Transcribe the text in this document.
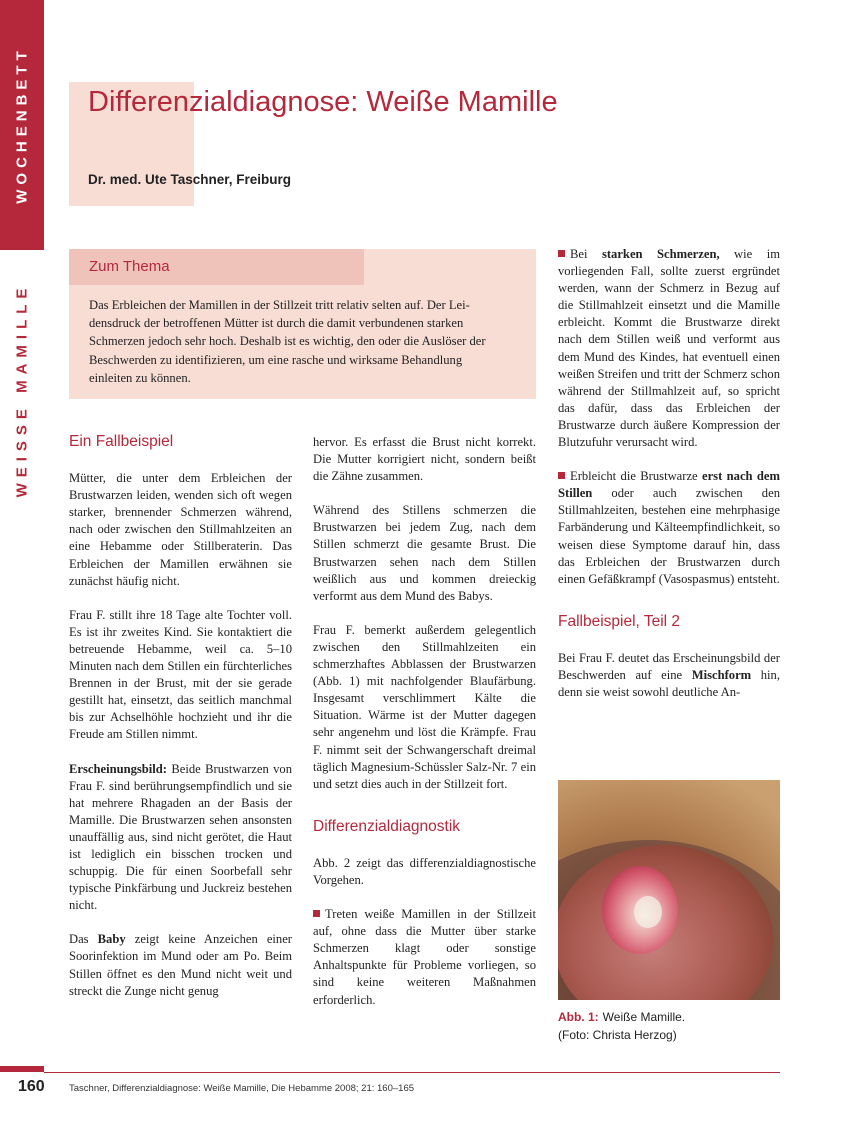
WOCHENBETT
WEISSE MAMILLE
Differenzialdiagnose: Weiße Mamille
Dr. med. Ute Taschner, Freiburg
Zum Thema
Das Erbleichen der Mamillen in der Stillzeit tritt relativ selten auf. Der Lei-
densdruck der betroffenen Mütter ist durch die damit verbundenen starken
Schmerzen jedoch sehr hoch. Deshalb ist es wichtig, den oder die Auslöser der
Beschwerden zu identifizieren, um eine rasche und wirksame Behandlung
einleiten zu können.
Ein Fallbeispiel

Mütter, die unter dem Erbleichen der Brustwarzen leiden, wenden sich oft wegen starker, brennender Schmerzen während, nach oder zwischen den Stillmahlzeiten an eine Hebamme oder Stillberaterin. Das Erbleichen der Mamillen erwähnen sie zunächst häufig nicht.

Frau F. stillt ihre 18 Tage alte Tochter voll. Es ist ihr zweites Kind. Sie kontaktiert die betreuende Hebamme, weil ca. 5–10 Minuten nach dem Stillen ein fürchterliches Brennen in der Brust, mit der sie gerade gestillt hat, einsetzt, das seitlich manchmal bis zur Achselhöhle hochzieht und ihr die Freude am Stillen nimmt.

Erscheinungsbild: Beide Brustwarzen von Frau F. sind berührungsempfindlich und sie hat mehrere Rhagaden an der Basis der Mamille. Die Brustwarzen sehen ansonsten unauffällig aus, sind nicht gerötet, die Haut ist lediglich ein bisschen trocken und schuppig. Die für einen Soorbefall sehr typische Pinkfärbung und Juckreiz bestehen nicht.

Das Baby zeigt keine Anzeichen einer Soorinfektion im Mund oder am Po. Beim Stillen öffnet es den Mund nicht weit und streckt die Zunge nicht genug

hervor. Es erfasst die Brust nicht korrekt. Die Mutter korrigiert nicht, sondern beißt die Zähne zusammen.

Während des Stillens schmerzen die Brustwarzen bei jedem Zug, nach dem Stillen schmerzt die gesamte Brust. Die Brustwarzen sehen nach dem Stillen weißlich aus und kommen dreieckig verformt aus dem Mund des Babys.

Frau F. bemerkt außerdem gelegentlich zwischen den Stillmahlzeiten ein schmerzhaftes Abblassen der Brustwarzen (Abb. 1) mit nachfolgender Blaufärbung. Insgesamt verschlimmert Kälte die Situation. Wärme ist der Mutter dagegen sehr angenehm und löst die Krämpfe. Frau F. nimmt seit der Schwangerschaft dreimal täglich Magnesium-Schüssler Salz-Nr. 7 ein und setzt dies auch in der Stillzeit fort.

Differenzialdiagnostik

Abb. 2 zeigt das differenzialdiagnostische Vorgehen.

Treten weiße Mamillen in der Stillzeit auf, ohne dass die Mutter über starke Schmerzen klagt oder sonstige Anhaltspunkte für Probleme vorliegen, so sind keine weiteren Maßnahmen erforderlich.

Bei starken Schmerzen, wie im vorliegenden Fall, sollte zuerst ergründet werden, wann der Schmerz in Bezug auf die Stillmahlzeit einsetzt und die Mamille erbleicht. Kommt die Brustwarze direkt nach dem Stillen weiß und verformt aus dem Mund des Kindes, hat eventuell einen weißen Streifen und tritt der Schmerz schon während der Stillmahlzeit auf, so spricht das dafür, dass das Erbleichen der Brustwarze durch äußere Kompression der Blutzufuhr verursacht wird.

Erbleicht die Brustwarze erst nach dem Stillen oder auch zwischen den Stillmahlzeiten, bestehen eine mehrphasige Farbänderung und Kälteempfindlichkeit, so weisen diese Symptome darauf hin, dass das Erbleichen der Brustwarzen durch einen Gefäßkrampf (Vasospasmus) entsteht.

Fallbeispiel, Teil 2

Bei Frau F. deutet das Erscheinungsbild der Beschwerden auf eine Mischform hin, denn sie weist sowohl deutliche An-

Abb. 1: Weiße Mamille.
(Foto: Christa Herzog)
160	Taschner, Differenzialdiagnose: Weiße Mamille, Die Hebamme 2008; 21: 160–165
